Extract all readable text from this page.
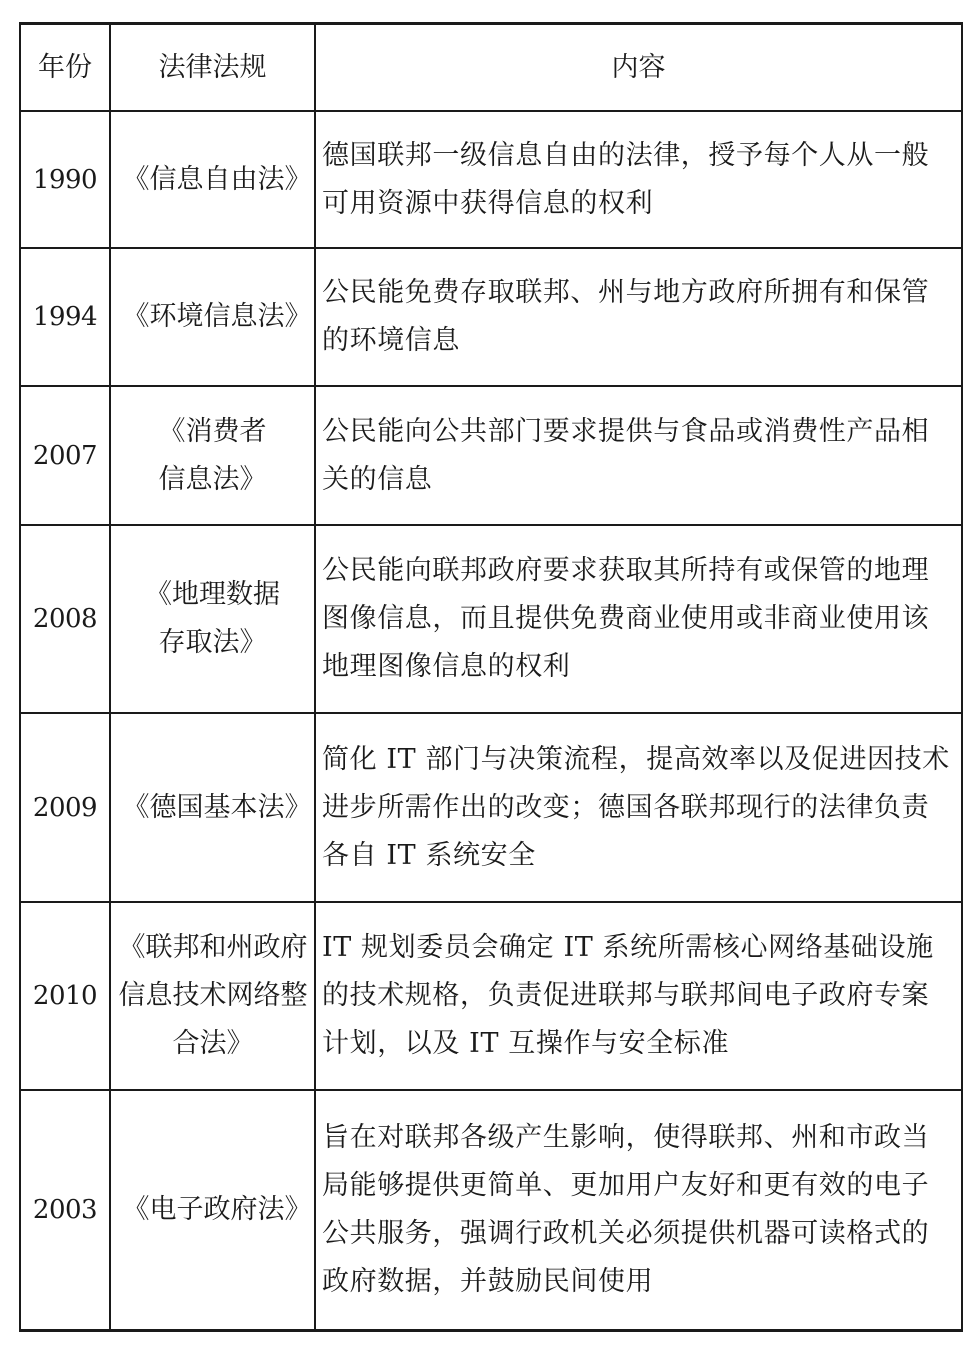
年份	法律法规	内容
1990	《信息自由法》	德国联邦一级信息自由的法律，授予每个人从一般可用资源中获得信息的权利
1994	《环境信息法》	公民能免费存取联邦、州与地方政府所拥有和保管的环境信息
2007	《消费者信息法》	公民能向公共部门要求提供与食品或消费性产品相关的信息
2008	《地理数据存取法》	公民能向联邦政府要求获取其所持有或保管的地理图像信息，而且提供免费商业使用或非商业使用该地理图像信息的权利
2009	《德国基本法》	简化 IT 部门与决策流程，提高效率以及促进因技术进步所需作出的改变；德国各联邦现行的法律负责各自 IT 系统安全
2010	《联邦和州政府信息技术网络整合法》	IT 规划委员会确定 IT 系统所需核心网络基础设施的技术规格，负责促进联邦与联邦间电子政府专案计划，以及 IT 互操作与安全标准
2003	《电子政府法》	旨在对联邦各级产生影响，使得联邦、州和市政当局能够提供更简单、更加用户友好和更有效的电子公共服务，强调行政机关必须提供机器可读格式的政府数据，并鼓励民间使用
